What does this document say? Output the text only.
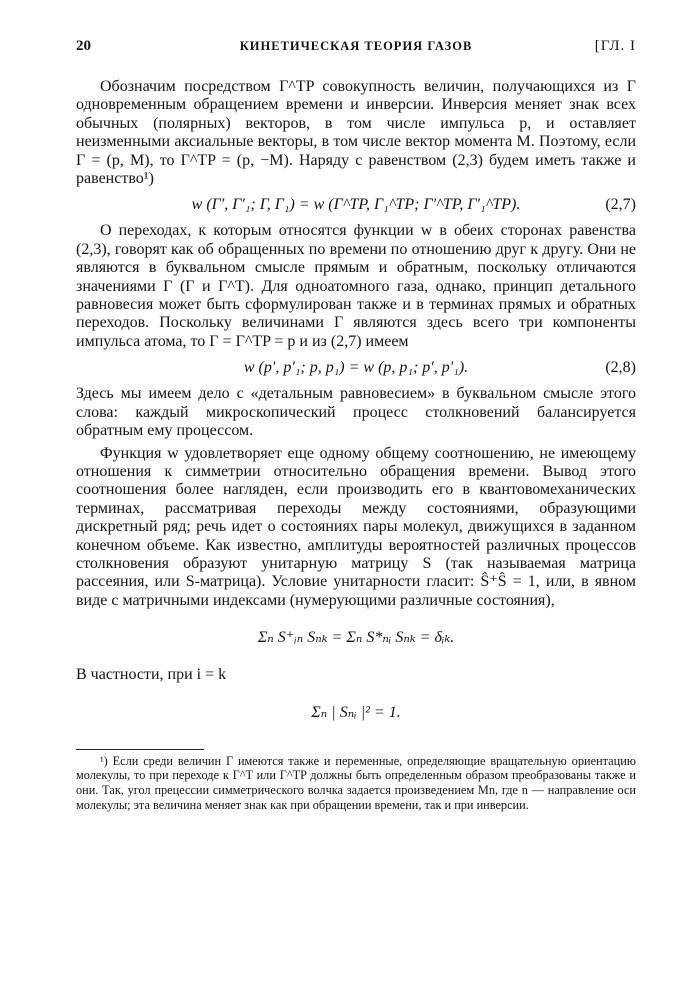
20	КИНЕТИЧЕСКАЯ ТЕОРИЯ ГАЗОВ	[ГЛ. I

Обозначим посредством Γ^TP совокупность величин, получающихся из Γ одновременным обращением времени и инверсии. Инверсия меняет знак всех обычных (полярных) векторов, в том числе импульса p, и оставляет неизменными аксиальные векторы, в том числе вектор момента M. Поэтому, если Γ = (p, M), то Γ^TP = (p, −M). Наряду с равенством (2,3) будем иметь также и равенство¹)

w (Γ′, Γ′₁; Γ, Γ₁) = w (Γ^TP, Γ₁^TP; Γ′^TP, Γ′₁^TP).	(2,7)

О переходах, к которым относятся функции w в обеих сторонах равенства (2,3), говорят как об обращенных по времени по отношению друг к другу. Они не являются в буквальном смысле прямым и обратным, поскольку отличаются значениями Γ (Γ и Γ^T). Для одноатомного газа, однако, принцип детального равновесия может быть сформулирован также и в терминах прямых и обратных переходов. Поскольку величинами Γ являются здесь всего три компоненты импульса атома, то Γ = Γ^TP = p и из (2,7) имеем

w (p′, p′₁; p, p₁) = w (p, p₁; p′, p′₁).	(2,8)

Здесь мы имеем дело с «детальным равновесием» в буквальном смысле этого слова: каждый микроскопический процесс столкновений балансируется обратным ему процессом.

Функция w удовлетворяет еще одному общему соотношению, не имеющему отношения к симметрии относительно обращения времени. Вывод этого соотношения более нагляден, если производить его в квантовомеханических терминах, рассматривая переходы между состояниями, образующими дискретный ряд; речь идет о состояниях пары молекул, движущихся в заданном конечном объеме. Как известно, амплитуды вероятностей различных процессов столкновения образуют унитарную матрицу S (так называемая матрица рассеяния, или S-матрица). Условие унитарности гласит: Ŝ⁺Ŝ = 1, или, в явном виде с матричными индексами (нумерующими различные состояния),

Σₙ S⁺ᵢₙ Sₙₖ = Σₙ S*ₙᵢ Sₙₖ = δᵢₖ.

В частности, при i = k

Σₙ | Sₙᵢ |² = 1.

¹) Если среди величин Γ имеются также и переменные, определяющие вращательную ориентацию молекулы, то при переходе к Γ^T или Γ^TP должны быть определенным образом преобразованы также и они. Так, угол прецессии симметрического волчка задается произведением Mn, где n — направление оси молекулы; эта величина меняет знак как при обращении времени, так и при инверсии.
